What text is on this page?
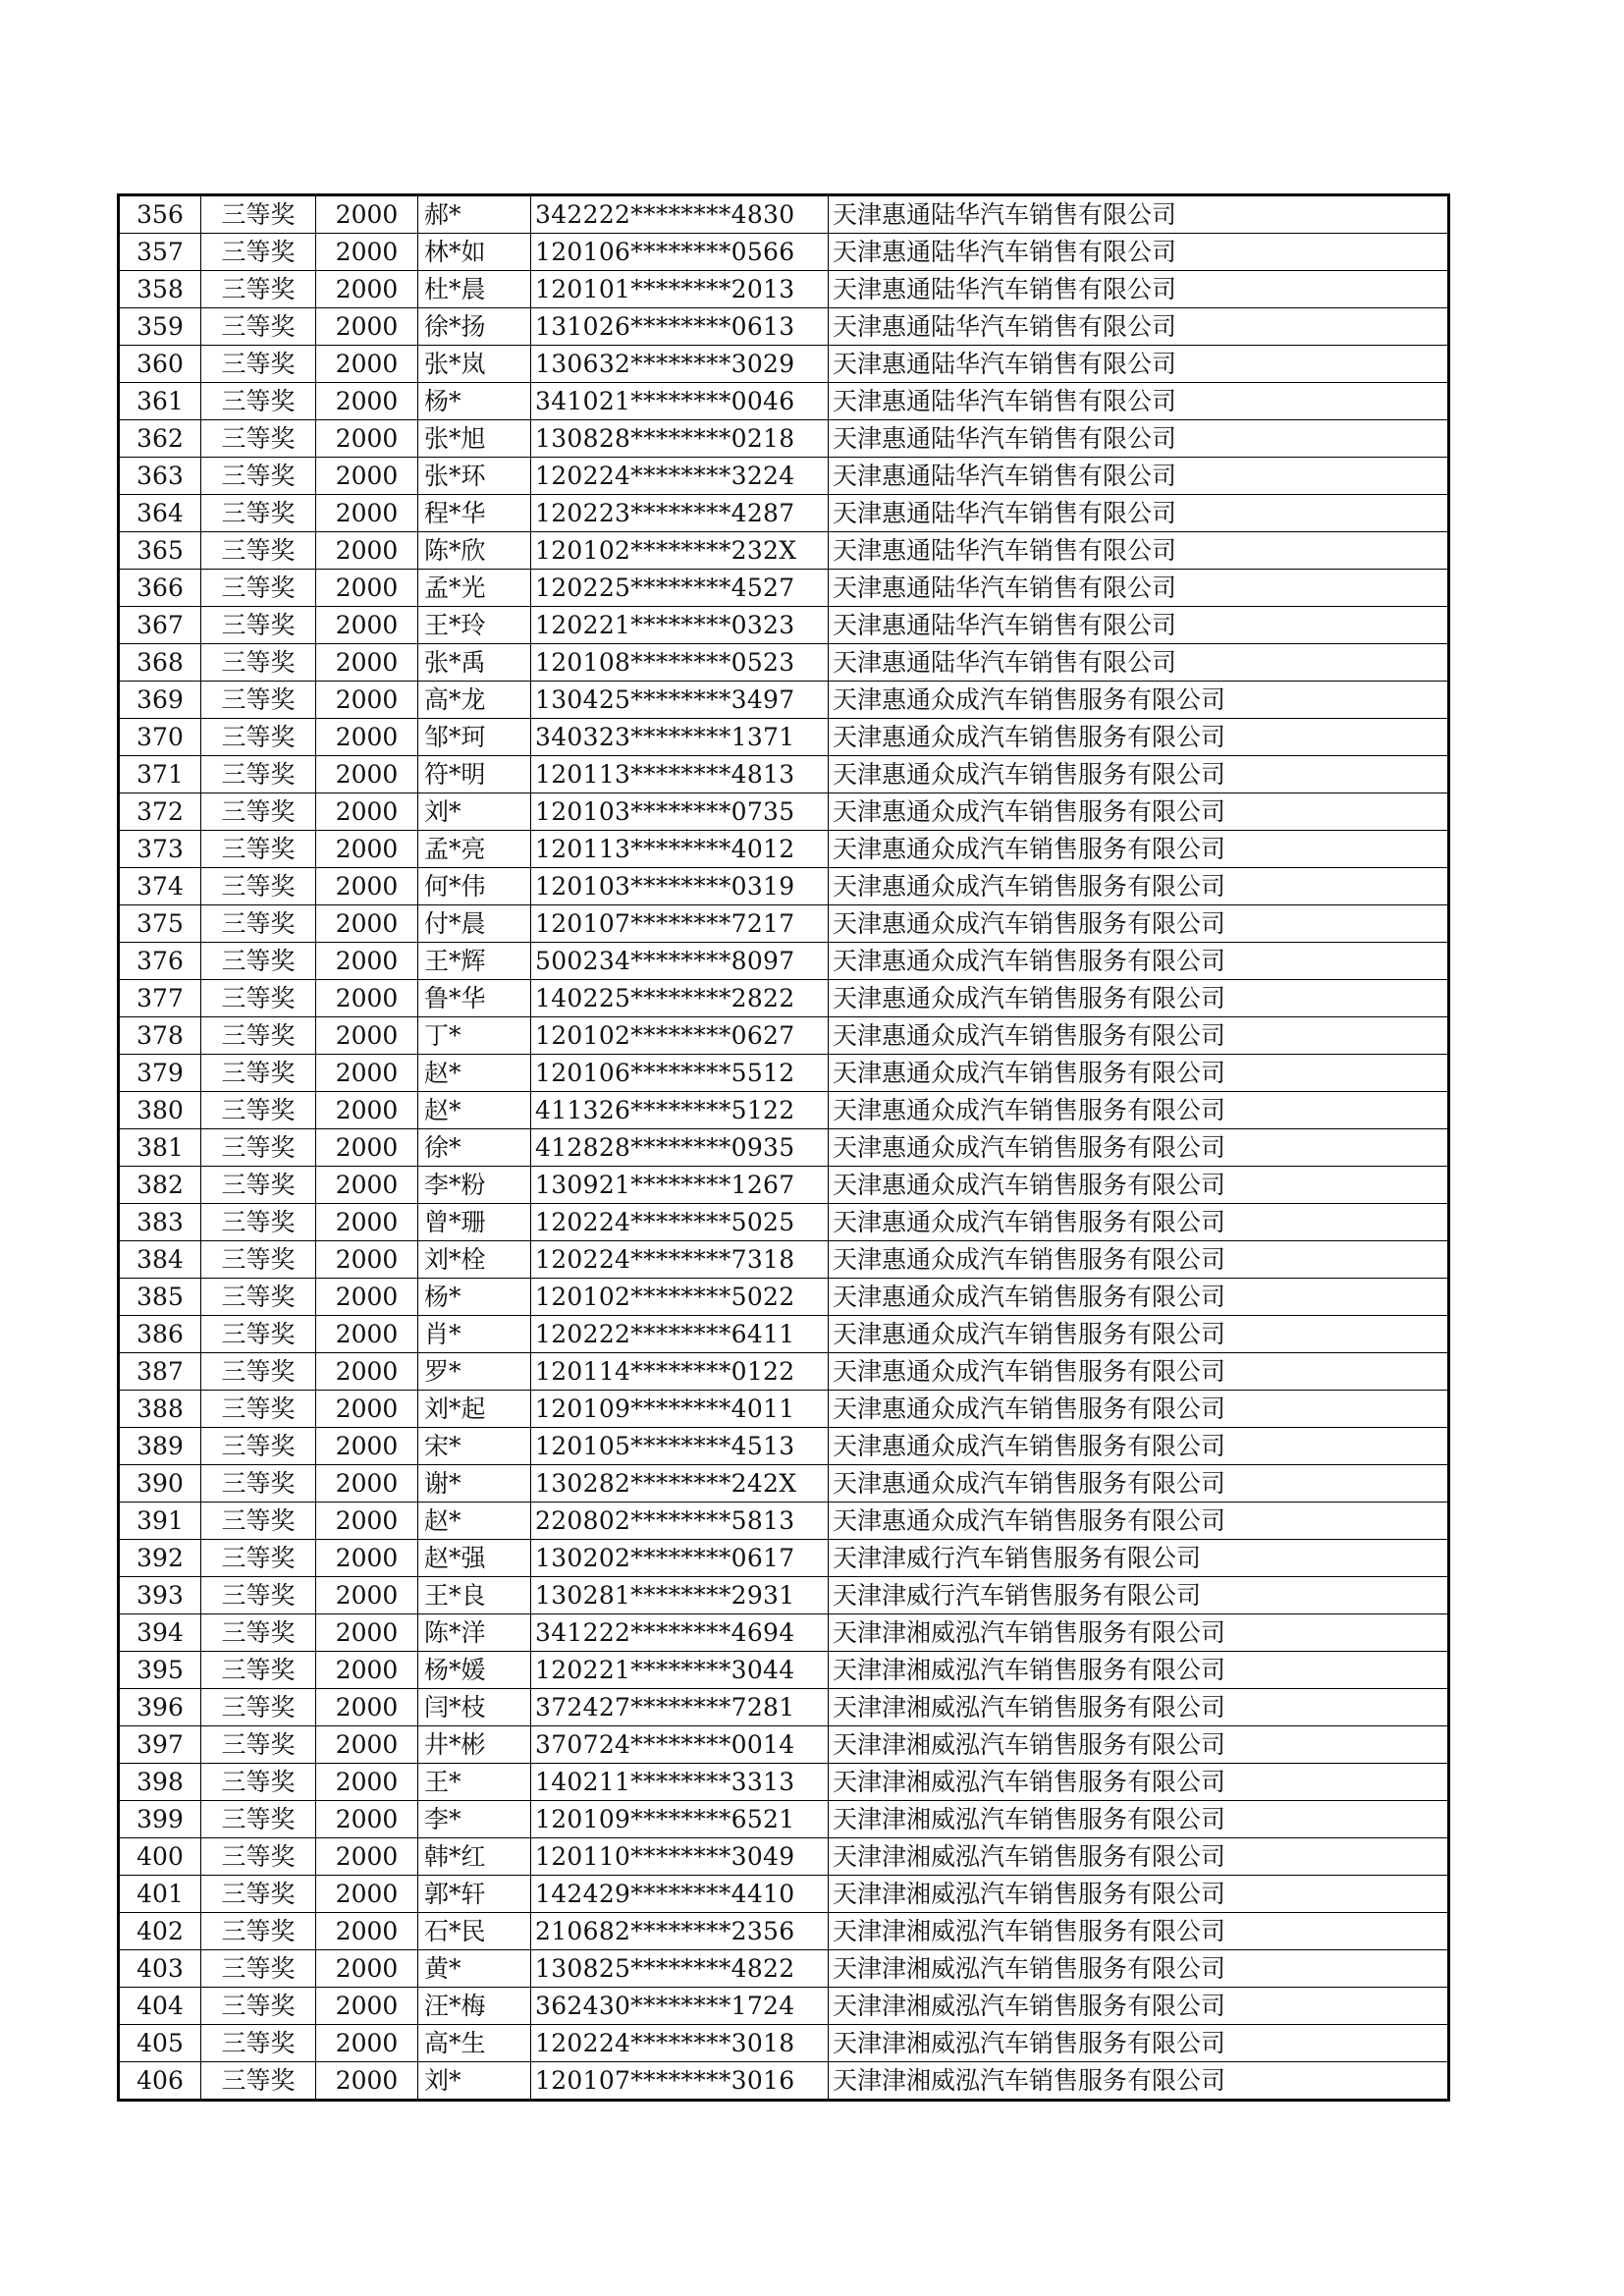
356	三等奖	2000	郝*	342222********4830	天津惠通陆华汽车销售有限公司
357	三等奖	2000	林*如	120106********0566	天津惠通陆华汽车销售有限公司
358	三等奖	2000	杜*晨	120101********2013	天津惠通陆华汽车销售有限公司
359	三等奖	2000	徐*扬	131026********0613	天津惠通陆华汽车销售有限公司
360	三等奖	2000	张*岚	130632********3029	天津惠通陆华汽车销售有限公司
361	三等奖	2000	杨*	341021********0046	天津惠通陆华汽车销售有限公司
362	三等奖	2000	张*旭	130828********0218	天津惠通陆华汽车销售有限公司
363	三等奖	2000	张*环	120224********3224	天津惠通陆华汽车销售有限公司
364	三等奖	2000	程*华	120223********4287	天津惠通陆华汽车销售有限公司
365	三等奖	2000	陈*欣	120102********232X	天津惠通陆华汽车销售有限公司
366	三等奖	2000	孟*光	120225********4527	天津惠通陆华汽车销售有限公司
367	三等奖	2000	王*玲	120221********0323	天津惠通陆华汽车销售有限公司
368	三等奖	2000	张*禹	120108********0523	天津惠通陆华汽车销售有限公司
369	三等奖	2000	高*龙	130425********3497	天津惠通众成汽车销售服务有限公司
370	三等奖	2000	邹*珂	340323********1371	天津惠通众成汽车销售服务有限公司
371	三等奖	2000	符*明	120113********4813	天津惠通众成汽车销售服务有限公司
372	三等奖	2000	刘*	120103********0735	天津惠通众成汽车销售服务有限公司
373	三等奖	2000	孟*亮	120113********4012	天津惠通众成汽车销售服务有限公司
374	三等奖	2000	何*伟	120103********0319	天津惠通众成汽车销售服务有限公司
375	三等奖	2000	付*晨	120107********7217	天津惠通众成汽车销售服务有限公司
376	三等奖	2000	王*辉	500234********8097	天津惠通众成汽车销售服务有限公司
377	三等奖	2000	鲁*华	140225********2822	天津惠通众成汽车销售服务有限公司
378	三等奖	2000	丁*	120102********0627	天津惠通众成汽车销售服务有限公司
379	三等奖	2000	赵*	120106********5512	天津惠通众成汽车销售服务有限公司
380	三等奖	2000	赵*	411326********5122	天津惠通众成汽车销售服务有限公司
381	三等奖	2000	徐*	412828********0935	天津惠通众成汽车销售服务有限公司
382	三等奖	2000	李*粉	130921********1267	天津惠通众成汽车销售服务有限公司
383	三等奖	2000	曾*珊	120224********5025	天津惠通众成汽车销售服务有限公司
384	三等奖	2000	刘*栓	120224********7318	天津惠通众成汽车销售服务有限公司
385	三等奖	2000	杨*	120102********5022	天津惠通众成汽车销售服务有限公司
386	三等奖	2000	肖*	120222********6411	天津惠通众成汽车销售服务有限公司
387	三等奖	2000	罗*	120114********0122	天津惠通众成汽车销售服务有限公司
388	三等奖	2000	刘*起	120109********4011	天津惠通众成汽车销售服务有限公司
389	三等奖	2000	宋*	120105********4513	天津惠通众成汽车销售服务有限公司
390	三等奖	2000	谢*	130282********242X	天津惠通众成汽车销售服务有限公司
391	三等奖	2000	赵*	220802********5813	天津惠通众成汽车销售服务有限公司
392	三等奖	2000	赵*强	130202********0617	天津津威行汽车销售服务有限公司
393	三等奖	2000	王*良	130281********2931	天津津威行汽车销售服务有限公司
394	三等奖	2000	陈*洋	341222********4694	天津津湘威泓汽车销售服务有限公司
395	三等奖	2000	杨*媛	120221********3044	天津津湘威泓汽车销售服务有限公司
396	三等奖	2000	闫*枝	372427********7281	天津津湘威泓汽车销售服务有限公司
397	三等奖	2000	井*彬	370724********0014	天津津湘威泓汽车销售服务有限公司
398	三等奖	2000	王*	140211********3313	天津津湘威泓汽车销售服务有限公司
399	三等奖	2000	李*	120109********6521	天津津湘威泓汽车销售服务有限公司
400	三等奖	2000	韩*红	120110********3049	天津津湘威泓汽车销售服务有限公司
401	三等奖	2000	郭*轩	142429********4410	天津津湘威泓汽车销售服务有限公司
402	三等奖	2000	石*民	210682********2356	天津津湘威泓汽车销售服务有限公司
403	三等奖	2000	黄*	130825********4822	天津津湘威泓汽车销售服务有限公司
404	三等奖	2000	汪*梅	362430********1724	天津津湘威泓汽车销售服务有限公司
405	三等奖	2000	高*生	120224********3018	天津津湘威泓汽车销售服务有限公司
406	三等奖	2000	刘*	120107********3016	天津津湘威泓汽车销售服务有限公司
